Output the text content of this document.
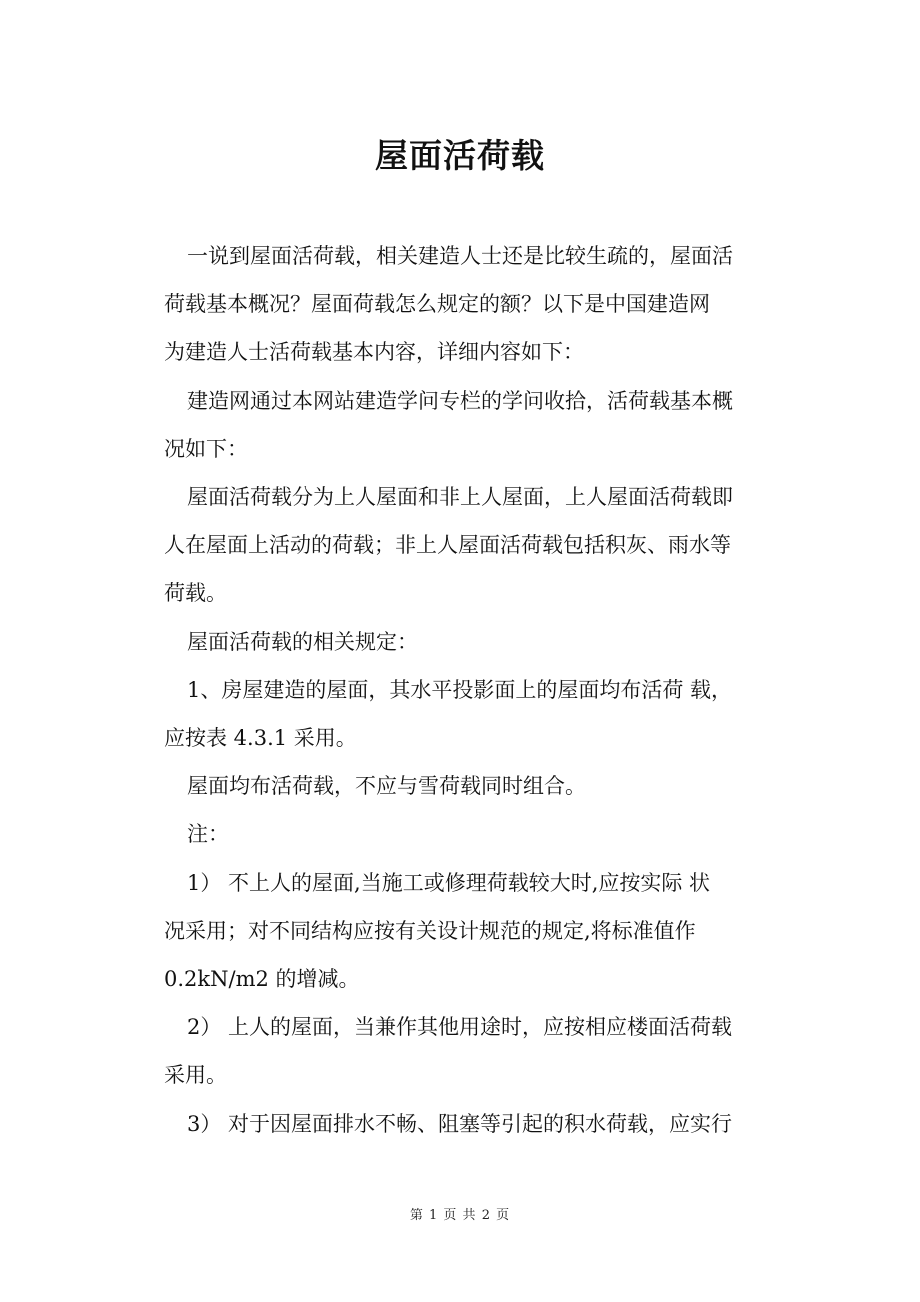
屋面活荷载

一说到屋面活荷载，相关建造人士还是比较生疏的，屋面活
荷载基本概况？屋面荷载怎么规定的额？以下是中国建造网
为建造人士活荷载基本内容，详细内容如下：

建造网通过本网站建造学问专栏的学问收拾，活荷载基本概
况如下：

屋面活荷载分为上人屋面和非上人屋面，上人屋面活荷载即
人在屋面上活动的荷载；非上人屋面活荷载包括积灰、雨水等
荷载。

屋面活荷载的相关规定：

1、房屋建造的屋面，其水平投影面上的屋面均布活荷 载，
应按表 4.3.1 采用。

屋面均布活荷载，不应与雪荷载同时组合。

注：

1） 不上人的屋面,当施工或修理荷载较大时,应按实际 状
况采用；对不同结构应按有关设计规范的规定,将标准值作
0.2kN/m2 的增减。

2） 上人的屋面，当兼作其他用途时，应按相应楼面活荷载
采用。

3） 对于因屋面排水不畅、阻塞等引起的积水荷载，应实行

第 1 页 共 2 页
